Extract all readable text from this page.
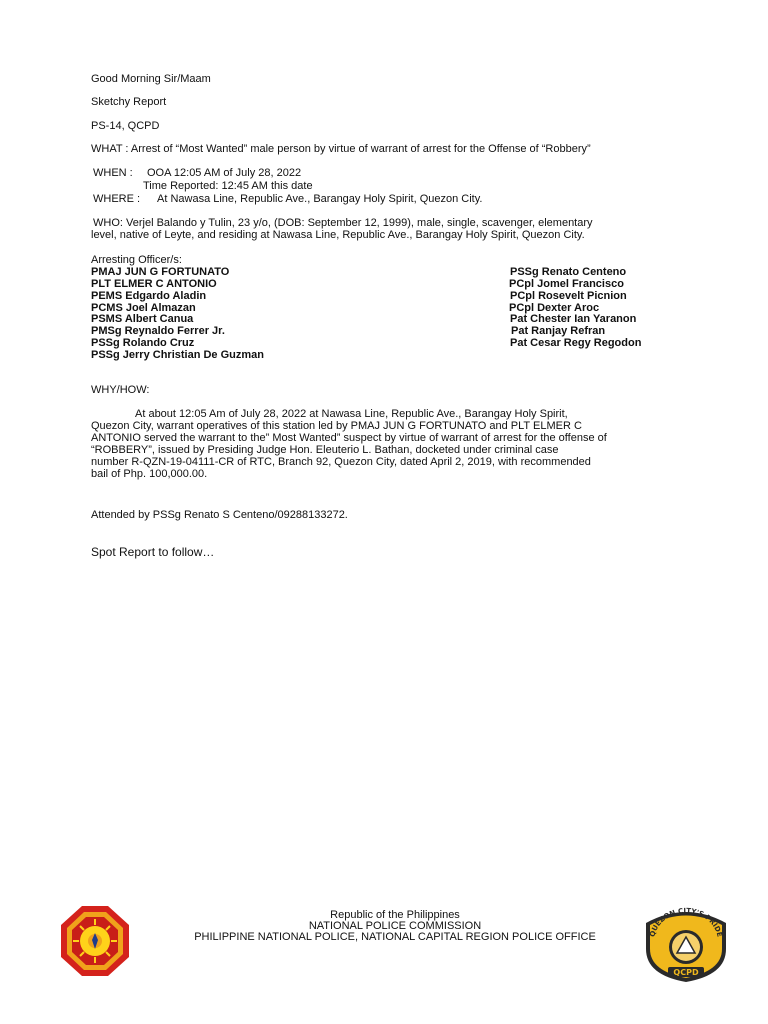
Good Morning Sir/Maam
Sketchy Report
PS-14, QCPD
WHAT : Arrest of “Most Wanted” male person by virtue of warrant of arrest for the Offense of “Robbery”
WHEN : OOA 12:05 AM of July 28, 2022
Time Reported: 12:45 AM this date
WHERE : At Nawasa Line, Republic Ave., Barangay Holy Spirit, Quezon City.
WHO: Verjel Balando y Tulin, 23 y/o, (DOB: September 12, 1999), male, single, scavenger, elementary
level, native of Leyte, and residing at Nawasa Line, Republic Ave., Barangay Holy Spirit, Quezon City.
Arresting Officer/s:
PMAJ JUN G FORTUNATO
PLT ELMER C ANTONIO
PEMS Edgardo Aladin
PCMS Joel Almazan
PSMS Albert Canua
PMSg Reynaldo Ferrer Jr.
PSSg Rolando Cruz
PSSg Jerry Christian De Guzman
PSSg Renato Centeno
PCpl Jomel Francisco
PCpl Rosevelt Picnion
PCpl Dexter Aroc
Pat Chester Ian Yaranon
Pat Ranjay Refran
Pat Cesar Regy Regodon
WHY/HOW:
At about 12:05 Am of July 28, 2022 at Nawasa Line, Republic Ave., Barangay Holy Spirit,
Quezon City, warrant operatives of this station led by PMAJ JUN G FORTUNATO and PLT ELMER C
ANTONIO served the warrant to the” Most Wanted” suspect by virtue of warrant of arrest for the offense of
“ROBBERY”, issued by Presiding Judge Hon. Eleuterio L. Bathan, docketed under criminal case
number R-QZN-19-04111-CR of RTC, Branch 92, Quezon City, dated April 2, 2019, with recommended
bail of Php. 100,000.00.
Attended by PSSg Renato S Centeno/09288133272.
Spot Report to follow…
Republic of the Philippines
NATIONAL POLICE COMMISSION
PHILIPPINE NATIONAL POLICE, NATIONAL CAPITAL REGION POLICE OFFICE	QUEZON CITY'S PRIDE
QCPD
